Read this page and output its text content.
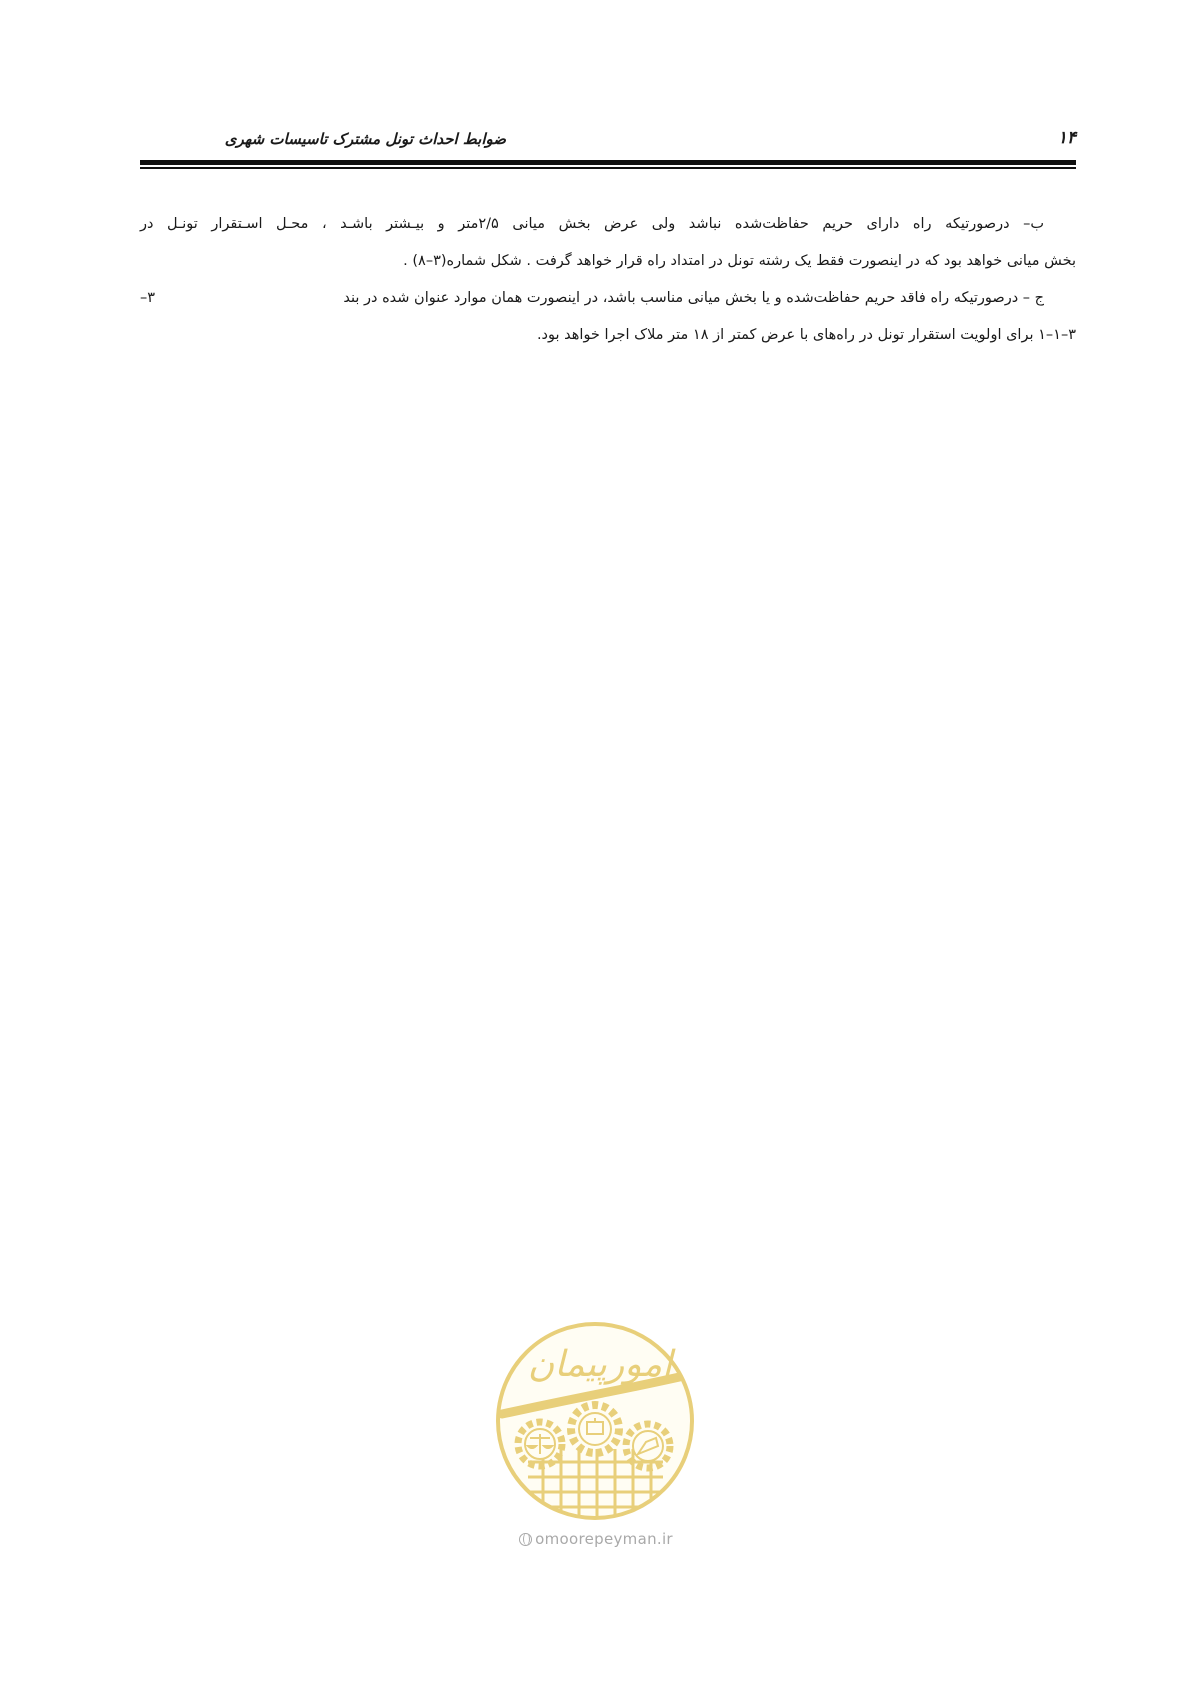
ضوابط احداث تونل مشترک تاسیسات شهری	۱۴
ب– درصورتیکه راه دارای حریم حفاظت‌شده نباشد ولی عرض بخش میانی ۲/۵متر و بیـشتر باشـد ، محـل اسـتقرار تونـل در
بخش میانی خواهد بود که در اینصورت فقط یک رشته تونل در امتداد راه قرار خواهد گرفت . شکل شماره(۳–۸) .
ج – درصورتیکه راه فاقد حریم حفاظت‌شده و یا بخش میانی مناسب باشد، در اینصورت همان موارد عنوان شده در بند
۳–
۳–۱–۱ برای اولویت استقرار تونل در راه‌های با عرض کمتر از ۱۸ متر ملاک اجرا خواهد بود.
امورپیمان
omoorepeyman.ir
